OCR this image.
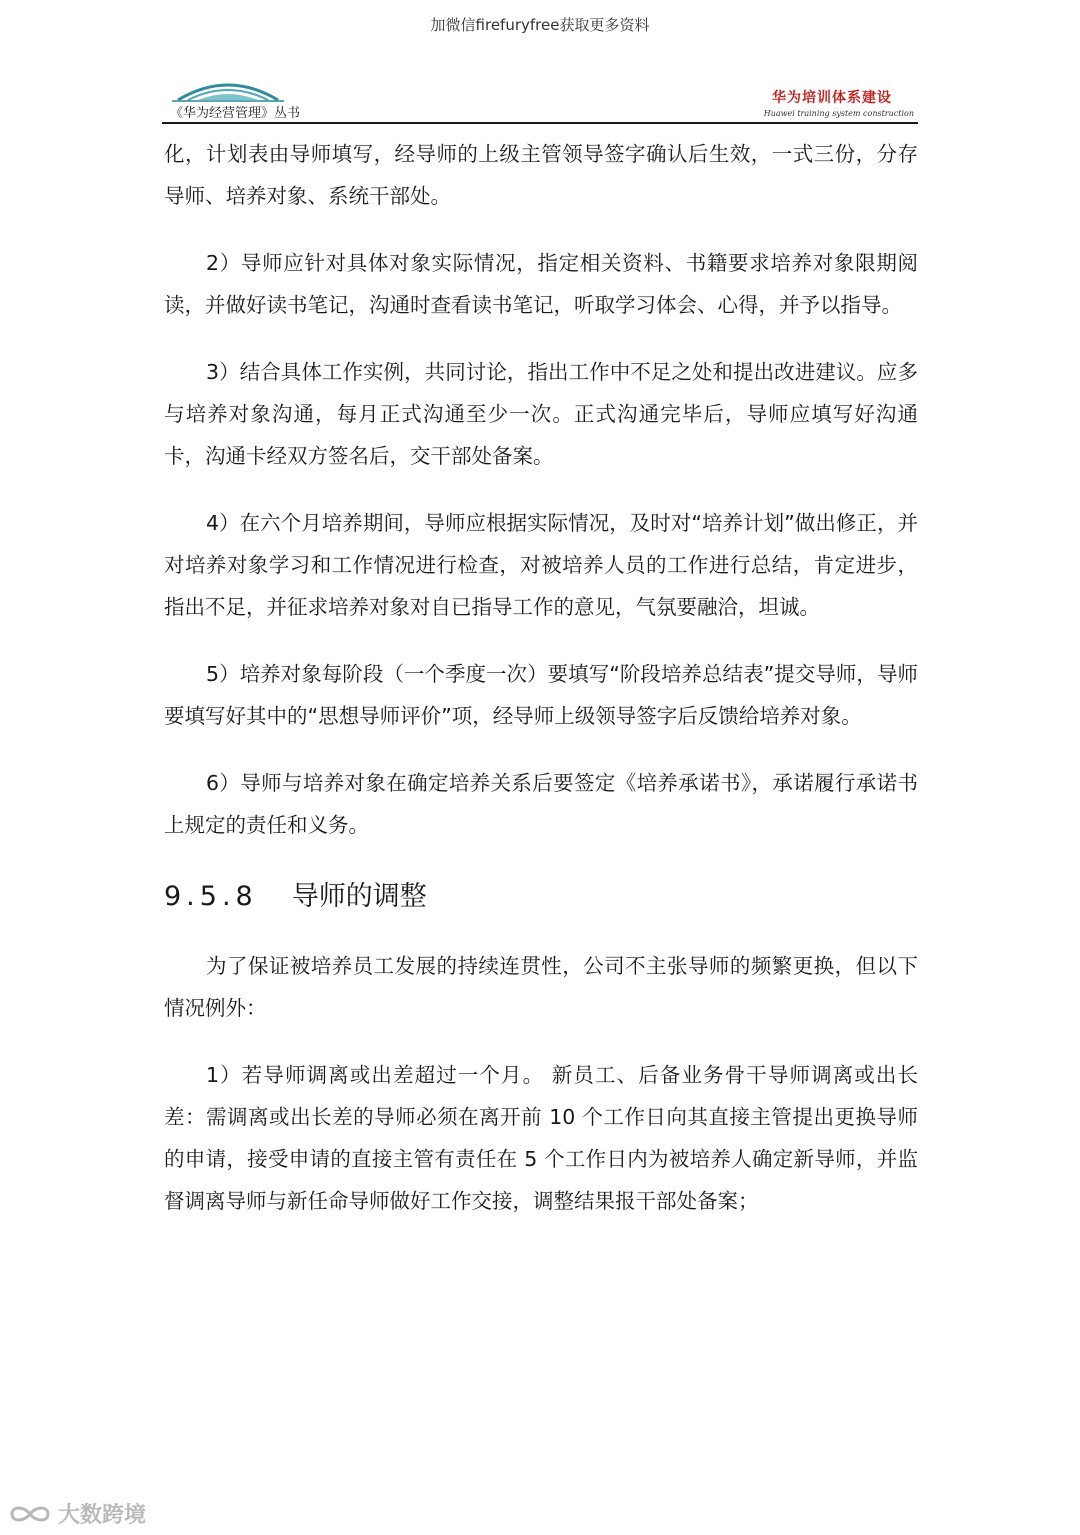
加微信firefuryfree获取更多资料
《华为经营管理》丛书
华为培训体系建设
Huawei training system construction

化，计划表由导师填写，经导师的上级主管领导签字确认后生效，一式三份，分存导师、培养对象、系统干部处。

2）导师应针对具体对象实际情况，指定相关资料、书籍要求培养对象限期阅读，并做好读书笔记，沟通时查看读书笔记，听取学习体会、心得，并予以指导。

3）结合具体工作实例，共同讨论，指出工作中不足之处和提出改进建议。应多与培养对象沟通，每月正式沟通至少一次。正式沟通完毕后，导师应填写好沟通卡，沟通卡经双方签名后，交干部处备案。

4）在六个月培养期间，导师应根据实际情况，及时对“培养计划”做出修正，并对培养对象学习和工作情况进行检查，对被培养人员的工作进行总结，肯定进步，指出不足，并征求培养对象对自已指导工作的意见，气氛要融洽，坦诚。

5）培养对象每阶段（一个季度一次）要填写“阶段培养总结表”提交导师，导师要填写好其中的“思想导师评价”项，经导师上级领导签字后反馈给培养对象。

6）导师与培养对象在确定培养关系后要签定《培养承诺书》，承诺履行承诺书上规定的责任和义务。

9.5.8 导师的调整

为了保证被培养员工发展的持续连贯性，公司不主张导师的频繁更换，但以下情况例外：

1）若导师调离或出差超过一个月。 新员工、后备业务骨干导师调离或出长差：需调离或出长差的导师必须在离开前 10 个工作日向其直接主管提出更换导师的申请，接受申请的直接主管有责任在 5 个工作日内为被培养人确定新导师，并监督调离导师与新任命导师做好工作交接，调整结果报干部处备案；

大数跨境
